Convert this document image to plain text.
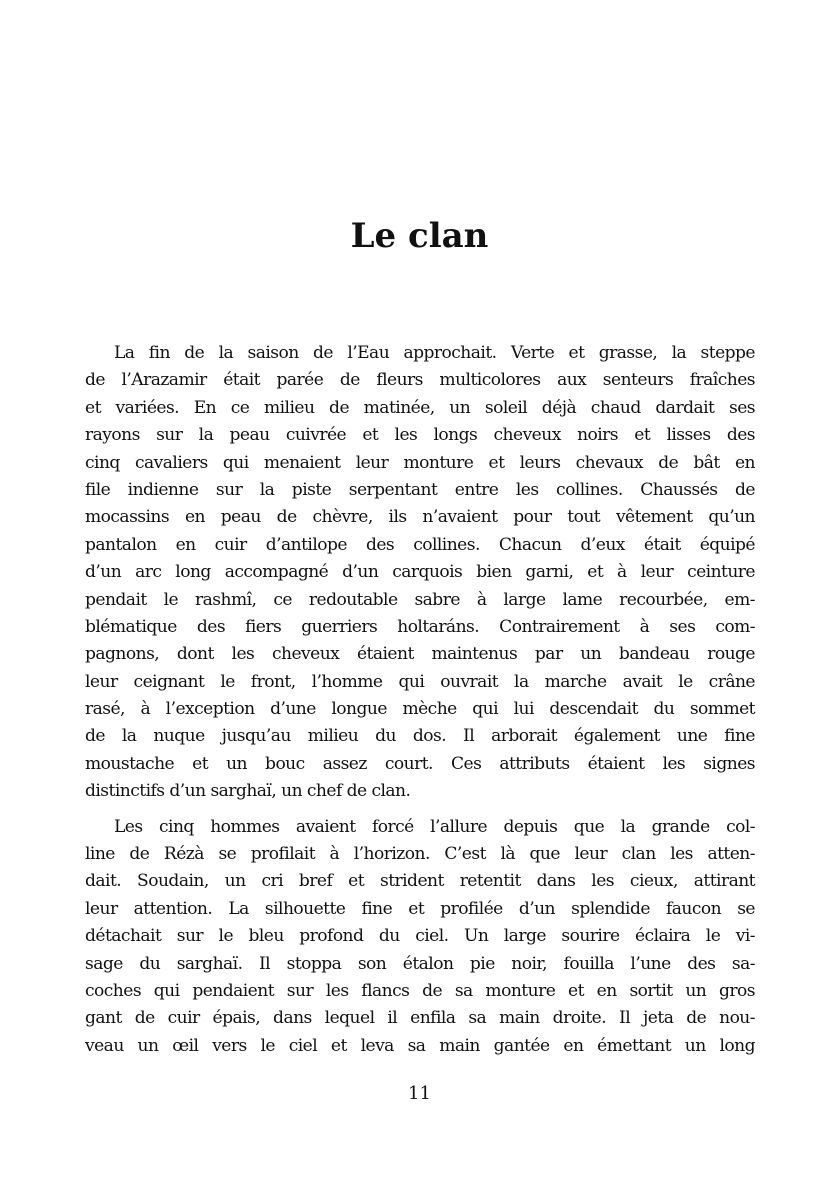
Le clan
La fin de la saison de l’Eau approchait. Verte et grasse, la steppe
de l’Arazamir était parée de fleurs multicolores aux senteurs fraîches
et variées. En ce milieu de matinée, un soleil déjà chaud dardait ses
rayons sur la peau cuivrée et les longs cheveux noirs et lisses des
cinq cavaliers qui menaient leur monture et leurs chevaux de bât en
file indienne sur la piste serpentant entre les collines. Chaussés de
mocassins en peau de chèvre, ils n’avaient pour tout vêtement qu’un
pantalon en cuir d’antilope des collines. Chacun d’eux était équipé
d’un arc long accompagné d’un carquois bien garni, et à leur ceinture
pendait le rashmî, ce redoutable sabre à large lame recourbée, em-
blématique des fiers guerriers holtaráns. Contrairement à ses com-
pagnons, dont les cheveux étaient maintenus par un bandeau rouge
leur ceignant le front, l’homme qui ouvrait la marche avait le crâne
rasé, à l’exception d’une longue mèche qui lui descendait du sommet
de la nuque jusqu’au milieu du dos. Il arborait également une fine
moustache et un bouc assez court. Ces attributs étaient les signes
distinctifs d’un sarghaï, un chef de clan.
Les cinq hommes avaient forcé l’allure depuis que la grande col-
line de Rézà se profilait à l’horizon. C’est là que leur clan les atten-
dait. Soudain, un cri bref et strident retentit dans les cieux, attirant
leur attention. La silhouette fine et profilée d’un splendide faucon se
détachait sur le bleu profond du ciel. Un large sourire éclaira le vi-
sage du sarghaï. Il stoppa son étalon pie noir, fouilla l’une des sa-
coches qui pendaient sur les flancs de sa monture et en sortit un gros
gant de cuir épais, dans lequel il enfila sa main droite. Il jeta de nou-
veau un œil vers le ciel et leva sa main gantée en émettant un long
11
